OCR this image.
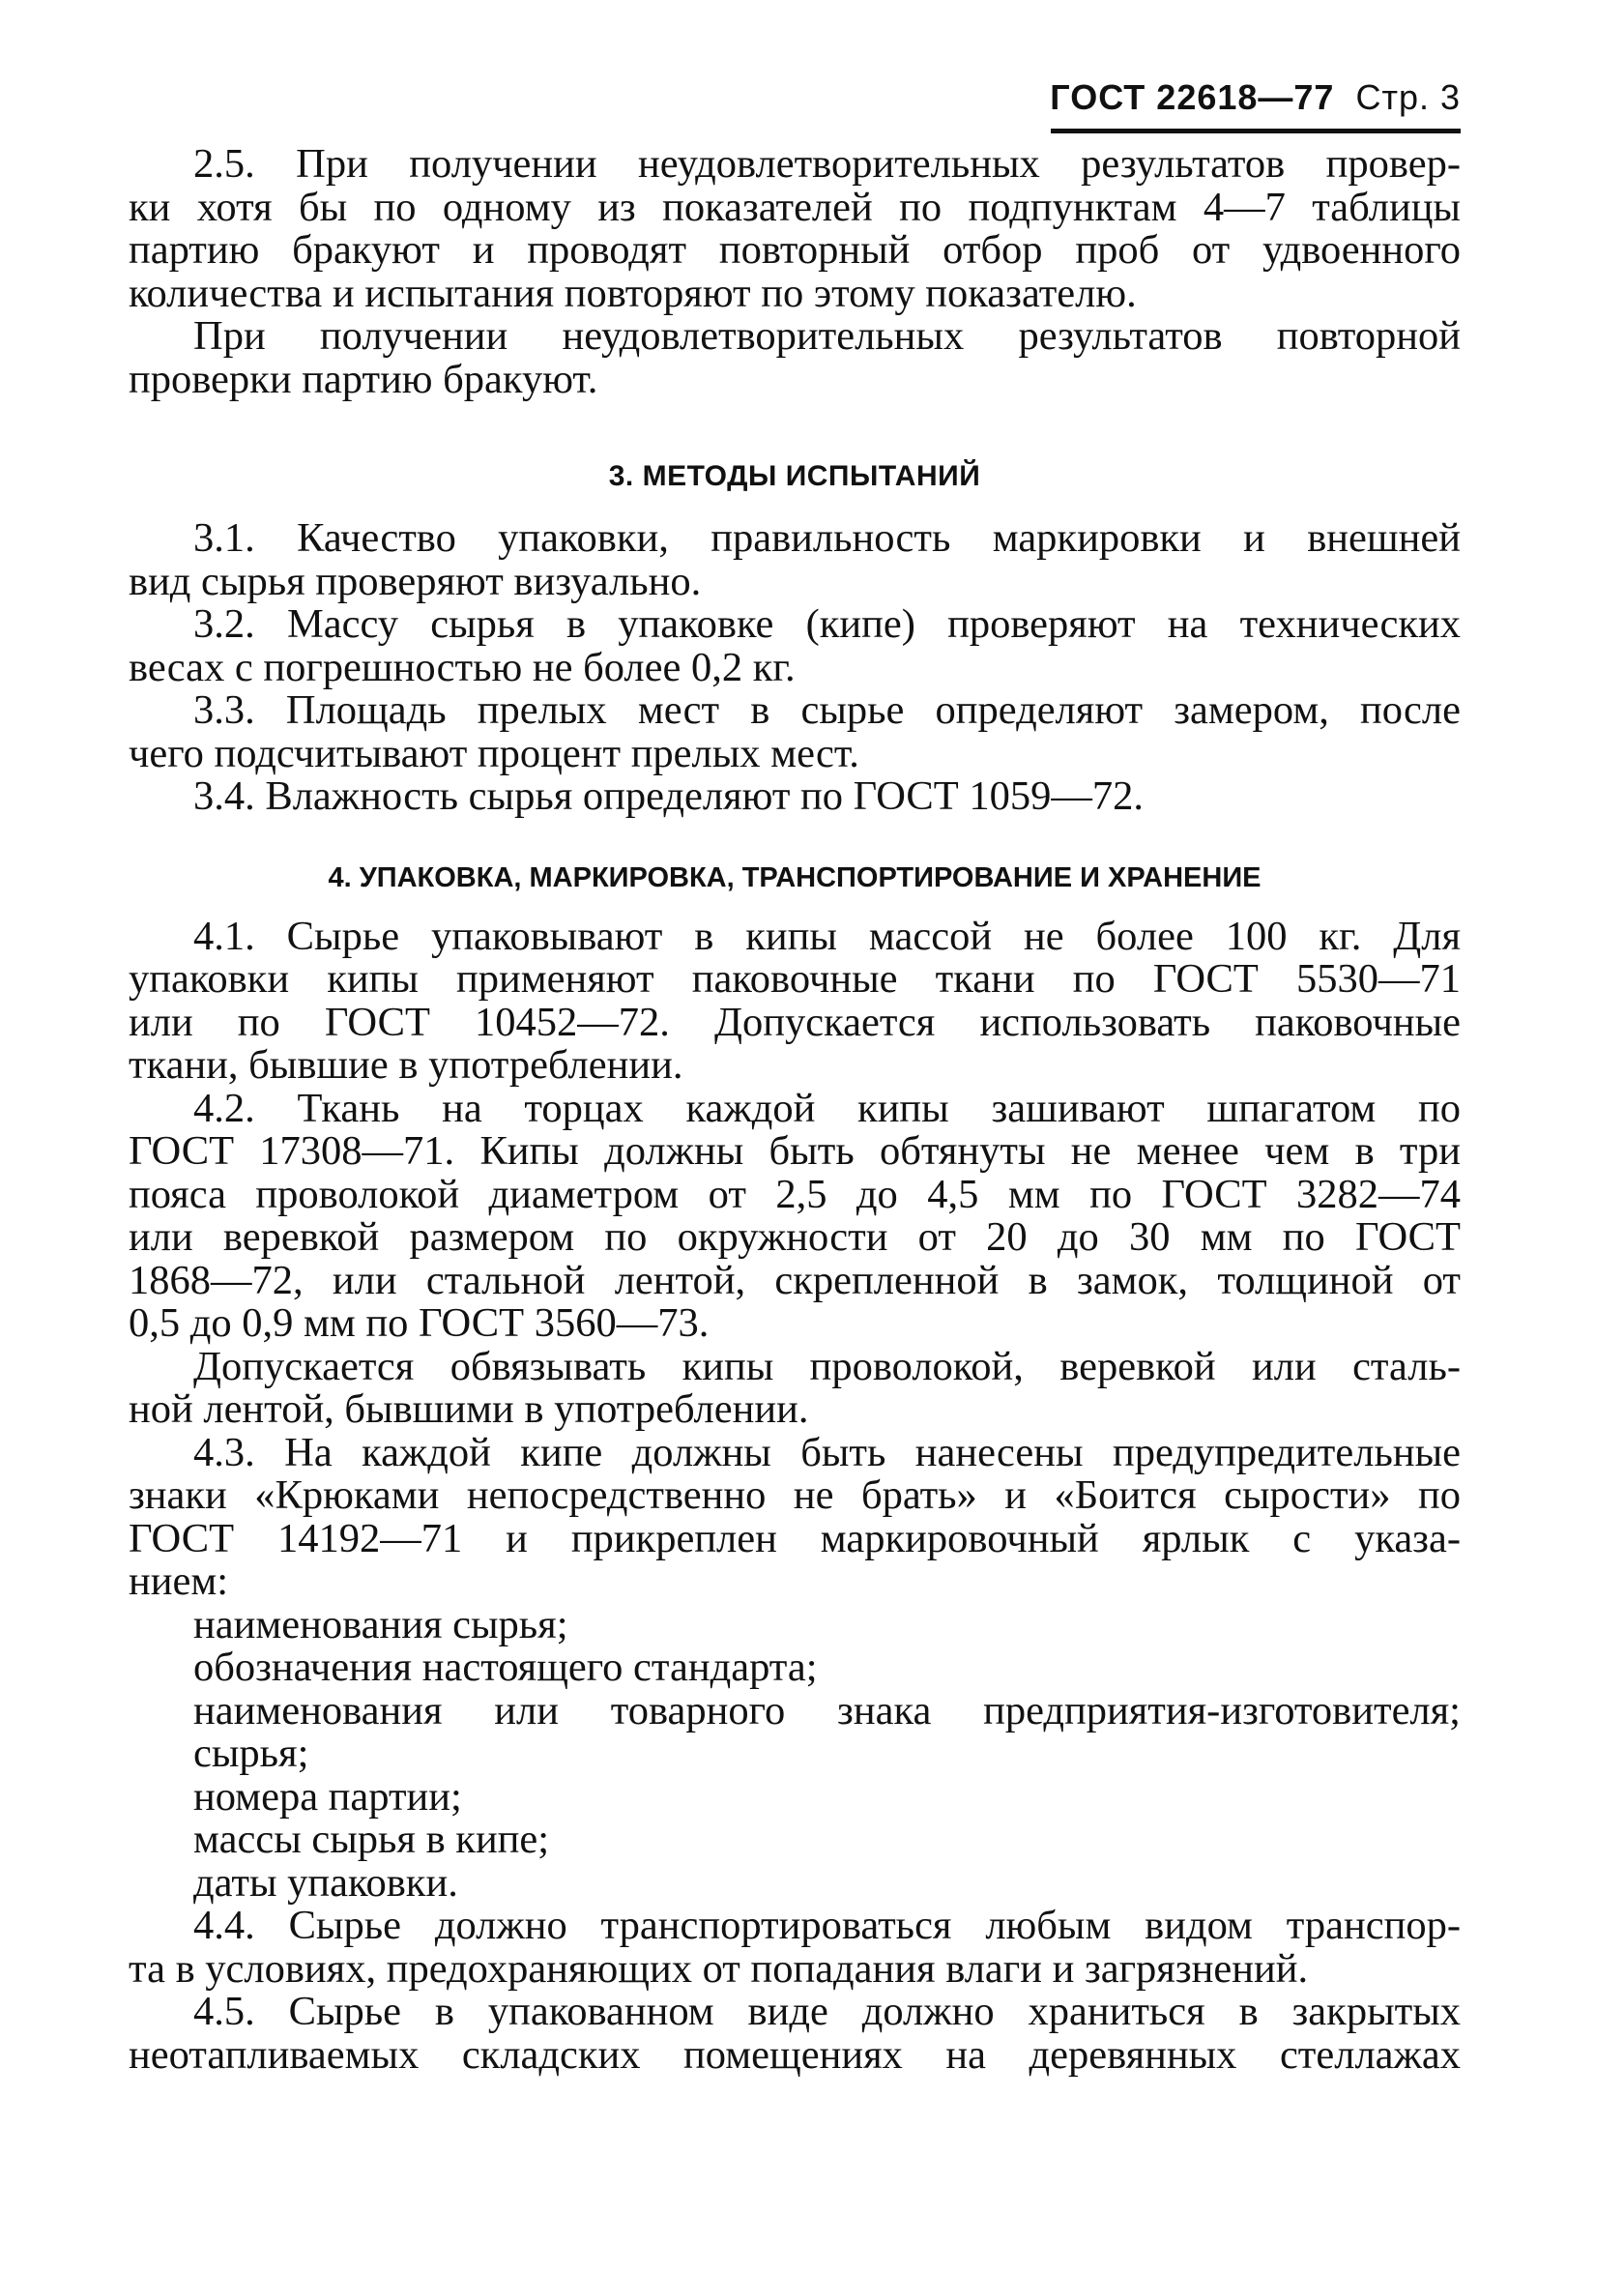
ГОСТ 22618—77 Стр. 3

2.5. При получении неудовлетворительных результатов провер-

ки хотя бы по одному из показателей по подпунктам 4—7 таблицы

партию бракуют и проводят повторный отбор проб от удвоенного

количества и испытания повторяют по этому показателю.

При получении неудовлетворительных результатов повторной

проверки партию бракуют.

3. МЕТОДЫ ИСПЫТАНИЙ

3.1. Качество упаковки, правильность маркировки и внешней

вид сырья проверяют визуально.

3.2. Массу сырья в упаковке (кипе) проверяют на технических

весах с погрешностью не более 0,2 кг.

3.3. Площадь прелых мест в сырье определяют замером, после

чего подсчитывают процент прелых мест.

3.4. Влажность сырья определяют по ГОСТ 1059—72.

4. УПАКОВКА, МАРКИРОВКА, ТРАНСПОРТИРОВАНИЕ И ХРАНЕНИЕ

4.1. Сырье упаковывают в кипы массой не более 100 кг. Для

упаковки кипы применяют паковочные ткани по ГОСТ 5530—71

или по ГОСТ 10452—72. Допускается использовать паковочные

ткани, бывшие в употреблении.

4.2. Ткань на торцах каждой кипы зашивают шпагатом по

ГОСТ 17308—71. Кипы должны быть обтянуты не менее чем в три

пояса проволокой диаметром от 2,5 до 4,5 мм по ГОСТ 3282—74

или веревкой размером по окружности от 20 до 30 мм по ГОСТ

1868—72, или стальной лентой, скрепленной в замок, толщиной от

0,5 до 0,9 мм по ГОСТ 3560—73.

Допускается обвязывать кипы проволокой, веревкой или сталь-

ной лентой, бывшими в употреблении.

4.3. На каждой кипе должны быть нанесены предупредительные

знаки «Крюками непосредственно не брать» и «Боится сырости» по

ГОСТ 14192—71 и прикреплен маркировочный ярлык с указа-

нием:

наименования сырья;

обозначения настоящего стандарта;

наименования или товарного знака предприятия-изготовителя;

сырья;

номера партии;

массы сырья в кипе;

даты упаковки.

4.4. Сырье должно транспортироваться любым видом транспор-

та в условиях, предохраняющих от попадания влаги и загрязнений.

4.5. Сырье в упакованном виде должно храниться в закрытых

неотапливаемых складских помещениях на деревянных стеллажах
